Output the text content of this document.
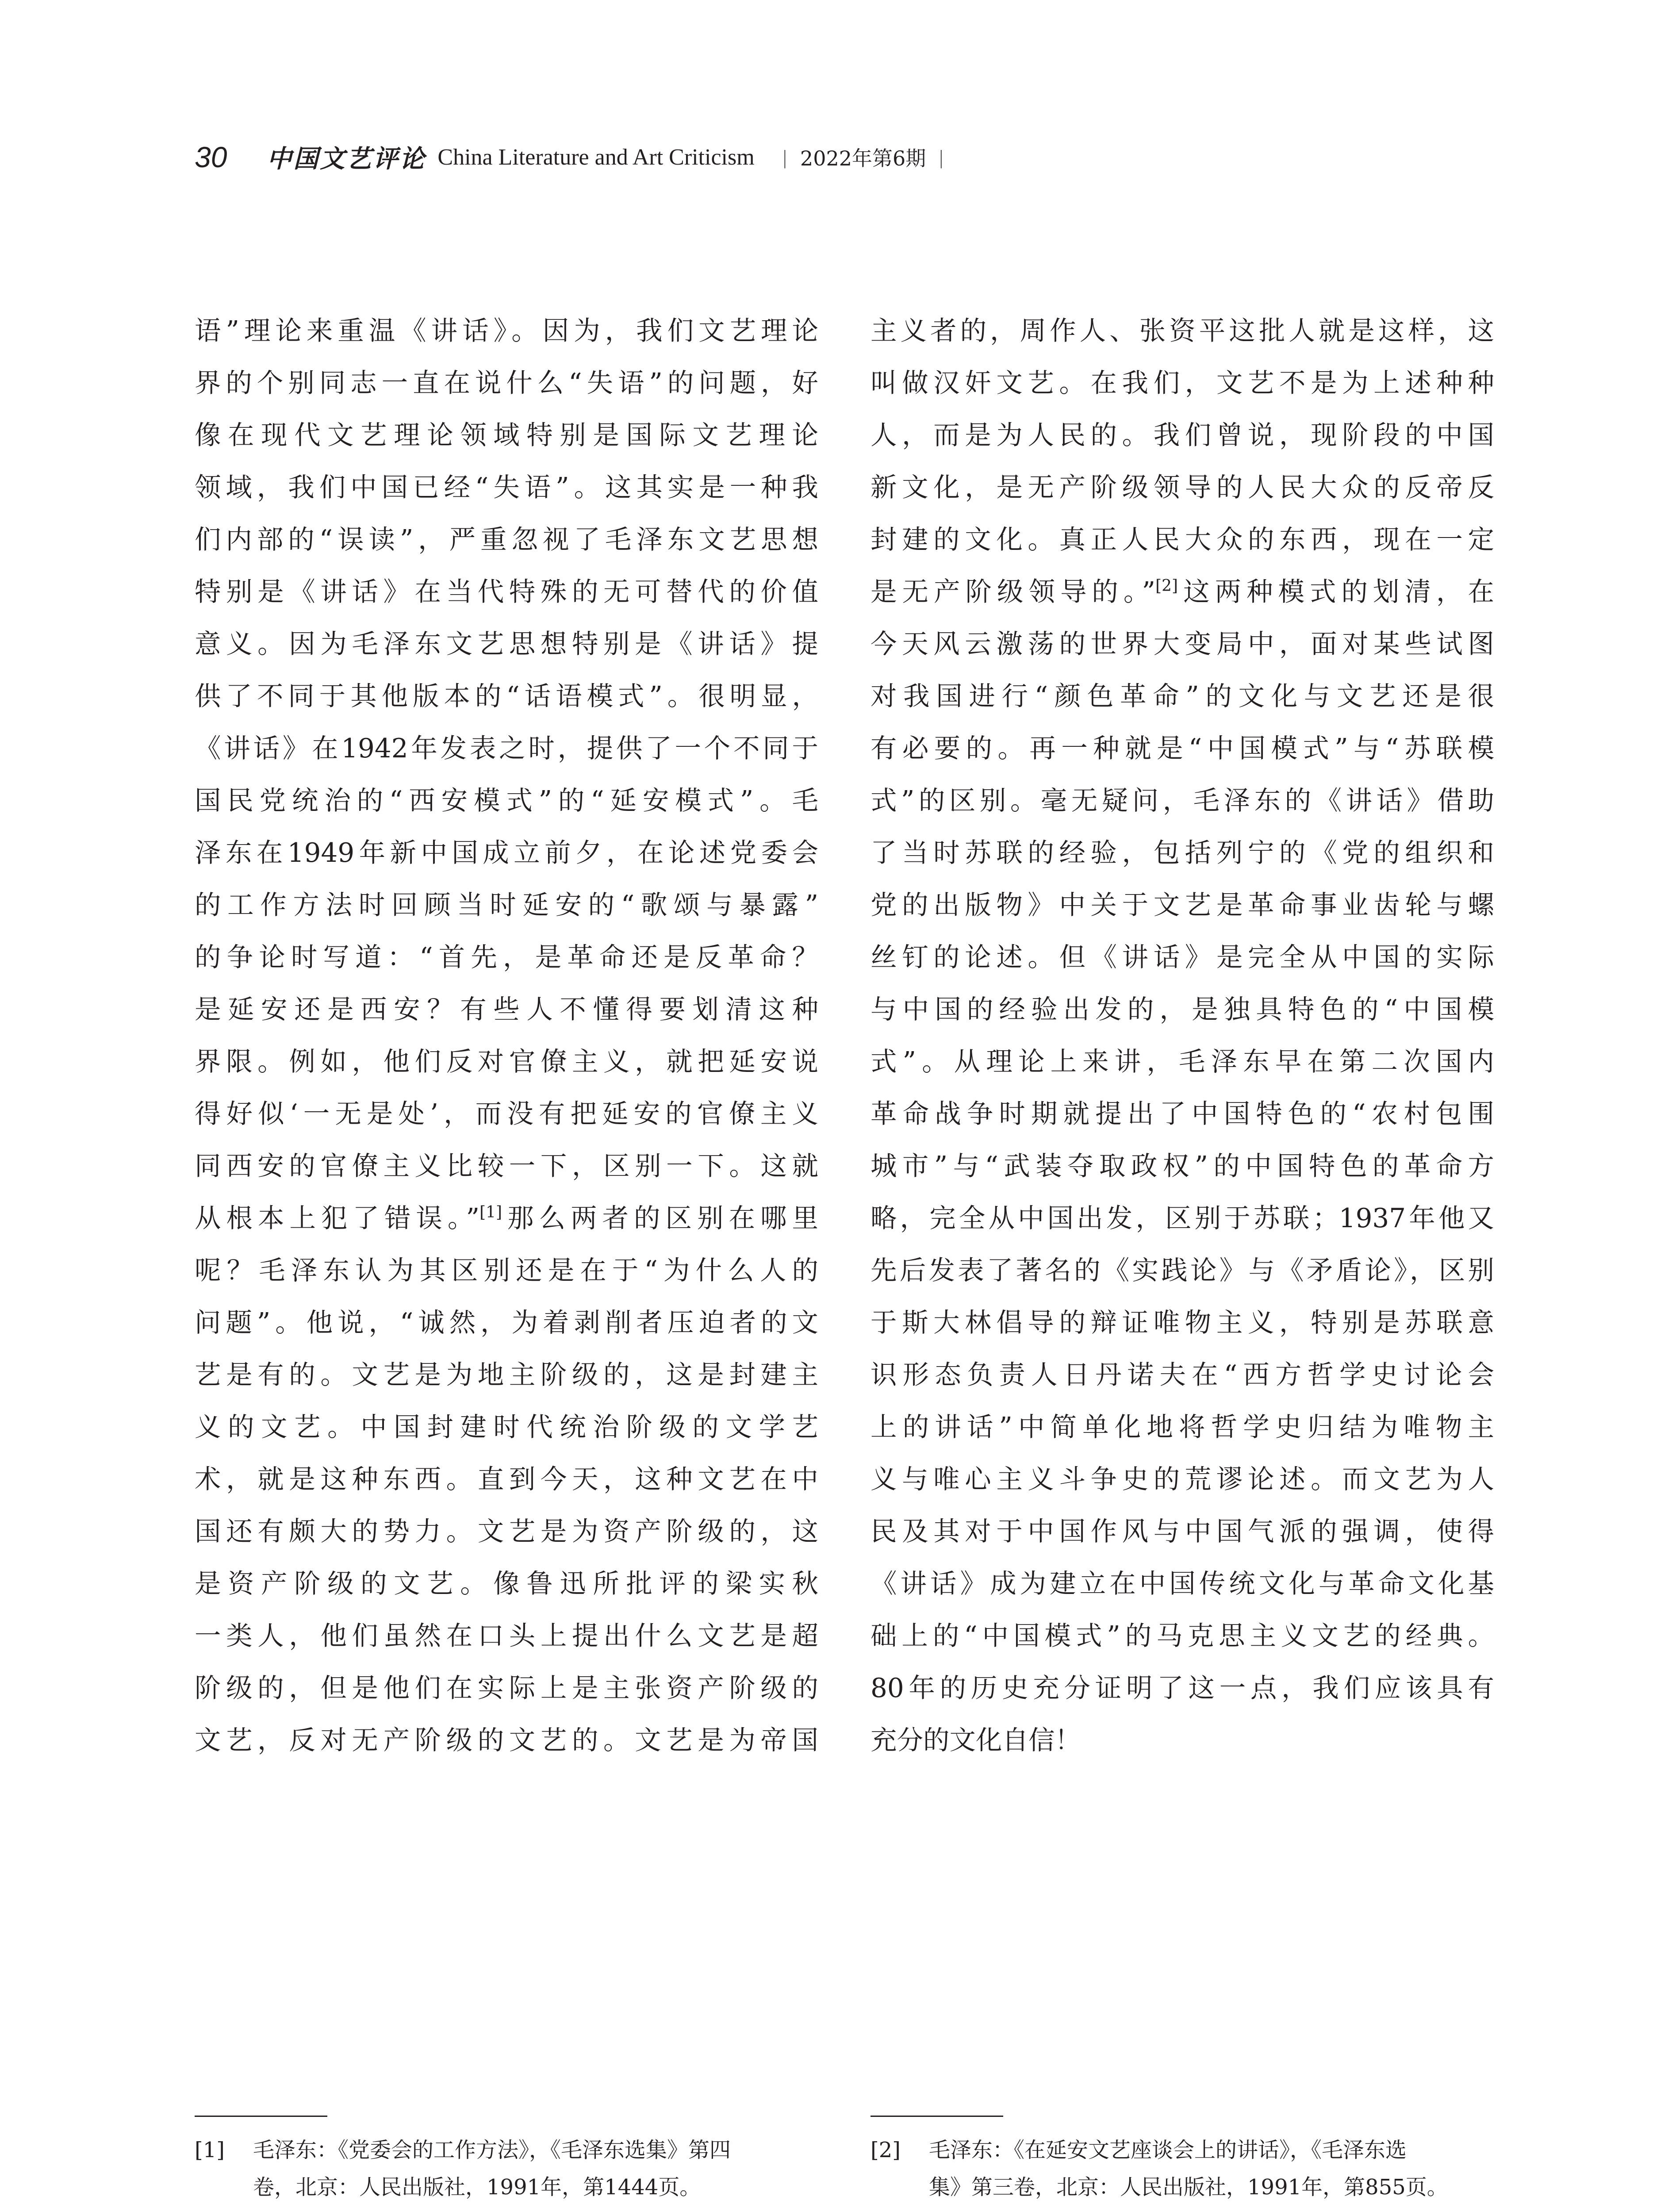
30 中国文艺评论 China Literature and Art Criticism | 2022年第6期 |
语”理论来重温《讲话》。因为，我们文艺理论
界的个别同志一直在说什么“失语”的问题，好
像在现代文艺理论领域特别是国际文艺理论
领域，我们中国已经“失语”。这其实是一种我
们内部的“误读”，严重忽视了毛泽东文艺思想
特别是《讲话》在当代特殊的无可替代的价值
意义。因为毛泽东文艺思想特别是《讲话》提
供了不同于其他版本的“话语模式”。很明显，
《讲话》在1942年发表之时，提供了一个不同于
国民党统治的“西安模式”的“延安模式”。毛
泽东在1949年新中国成立前夕，在论述党委会
的工作方法时回顾当时延安的“歌颂与暴露”
的争论时写道：“首先，是革命还是反革命？
是延安还是西安？有些人不懂得要划清这种
界限。例如，他们反对官僚主义，就把延安说
得好似‘一无是处’，而没有把延安的官僚主义
同西安的官僚主义比较一下，区别一下。这就
从根本上犯了错误。”[1]那么两者的区别在哪里
呢？毛泽东认为其区别还是在于“为什么人的
问题”。他说，“诚然，为着剥削者压迫者的文
艺是有的。文艺是为地主阶级的，这是封建主
义的文艺。中国封建时代统治阶级的文学艺
术，就是这种东西。直到今天，这种文艺在中
国还有颇大的势力。文艺是为资产阶级的，这
是资产阶级的文艺。像鲁迅所批评的梁实秋
一类人，他们虽然在口头上提出什么文艺是超
阶级的，但是他们在实际上是主张资产阶级的
文艺，反对无产阶级的文艺的。文艺是为帝国
主义者的，周作人、张资平这批人就是这样，这
叫做汉奸文艺。在我们，文艺不是为上述种种
人，而是为人民的。我们曾说，现阶段的中国
新文化，是无产阶级领导的人民大众的反帝反
封建的文化。真正人民大众的东西，现在一定
是无产阶级领导的。”[2]这两种模式的划清，在
今天风云激荡的世界大变局中，面对某些试图
对我国进行“颜色革命”的文化与文艺还是很
有必要的。再一种就是“中国模式”与“苏联模
式”的区别。毫无疑问，毛泽东的《讲话》借助
了当时苏联的经验，包括列宁的《党的组织和
党的出版物》中关于文艺是革命事业齿轮与螺
丝钉的论述。但《讲话》是完全从中国的实际
与中国的经验出发的，是独具特色的“中国模
式”。从理论上来讲，毛泽东早在第二次国内
革命战争时期就提出了中国特色的“农村包围
城市”与“武装夺取政权”的中国特色的革命方
略，完全从中国出发，区别于苏联；1937年他又
先后发表了著名的《实践论》与《矛盾论》，区别
于斯大林倡导的辩证唯物主义，特别是苏联意
识形态负责人日丹诺夫在“西方哲学史讨论会
上的讲话”中简单化地将哲学史归结为唯物主
义与唯心主义斗争史的荒谬论述。而文艺为人
民及其对于中国作风与中国气派的强调，使得
《讲话》成为建立在中国传统文化与革命文化基
础上的“中国模式”的马克思主义文艺的经典。
80年的历史充分证明了这一点，我们应该具有
充分的文化自信！
[1] 毛泽东：《党委会的工作方法》，《毛泽东选集》第四
卷，北京：人民出版社，1991年，第1444页。
[2] 毛泽东：《在延安文艺座谈会上的讲话》，《毛泽东选
集》第三卷，北京：人民出版社，1991年，第855页。
